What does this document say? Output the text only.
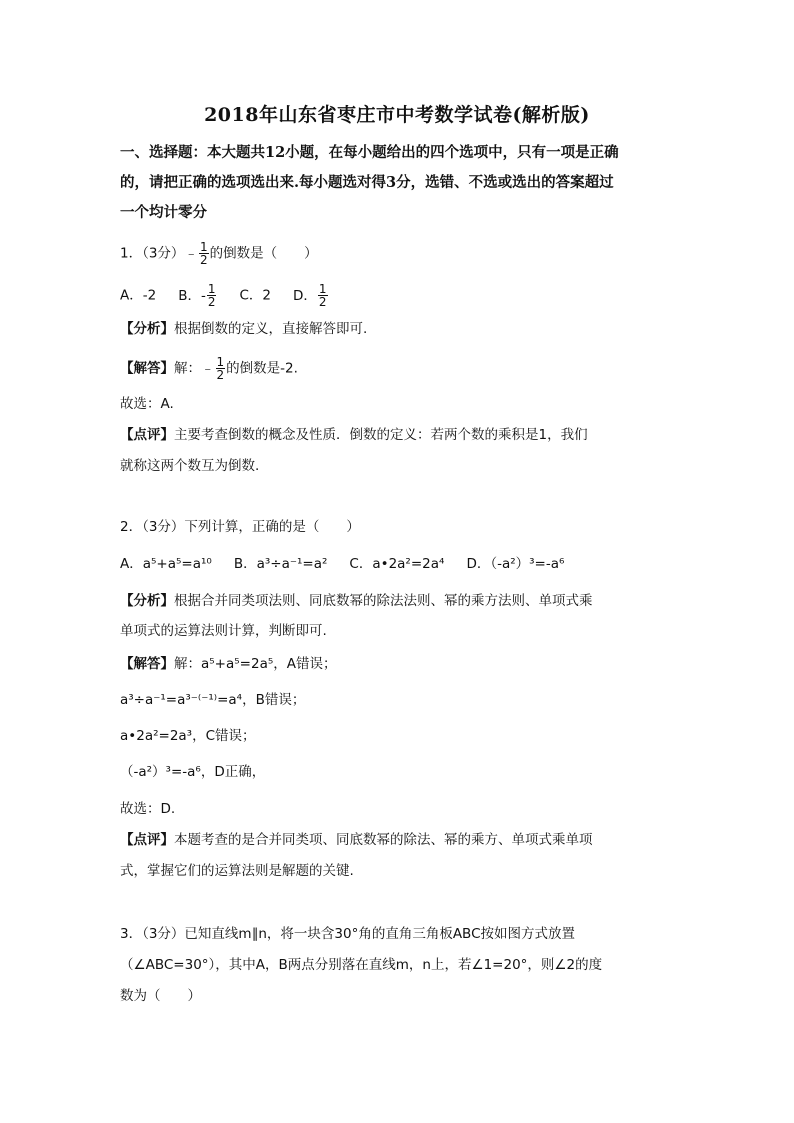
2018年山东省枣庄市中考数学试卷(解析版)
一、选择题：本大题共12小题，在每小题给出的四个选项中，只有一项是正确
的，请把正确的选项选出来.每小题选对得3分，选错、不选或选出的答案超过
一个均计零分
1．（3分）﹣ $\frac{1}{2}$ 的倒数是（　　）
A．-2 B．- $\frac{1}{2}$ C．2 D． $\frac{1}{2}$
【分析】根据倒数的定义，直接解答即可.
【解答】解：﹣ $\frac{1}{2}$ 的倒数是-2.
故选：A.
【点评】主要考查倒数的概念及性质．倒数的定义：若两个数的乘积是1，我们
就称这两个数互为倒数.
2．（3分）下列计算，正确的是（　　）
A．a⁵+a⁵=a¹⁰ B．a³÷a⁻¹=a² C．a•2a²=2a⁴ D．（-a²）³=-a⁶
【分析】根据合并同类项法则、同底数幂的除法法则、幂的乘方法则、单项式乘
单项式的运算法则计算，判断即可.
【解答】解：a⁵+a⁵=2a⁵，A错误；
a³÷a⁻¹=a³⁻⁽⁻¹⁾=a⁴，B错误；
a•2a²=2a³，C错误；
（-a²）³=-a⁶，D正确，
故选：D.
【点评】本题考查的是合并同类项、同底数幂的除法、幂的乘方、单项式乘单项
式，掌握它们的运算法则是解题的关键.
3．（3分）已知直线m∥n，将一块含30°角的直角三角板ABC按如图方式放置
（∠ABC=30°），其中A，B两点分别落在直线m，n上，若∠1=20°，则∠2的度
数为（　　）
